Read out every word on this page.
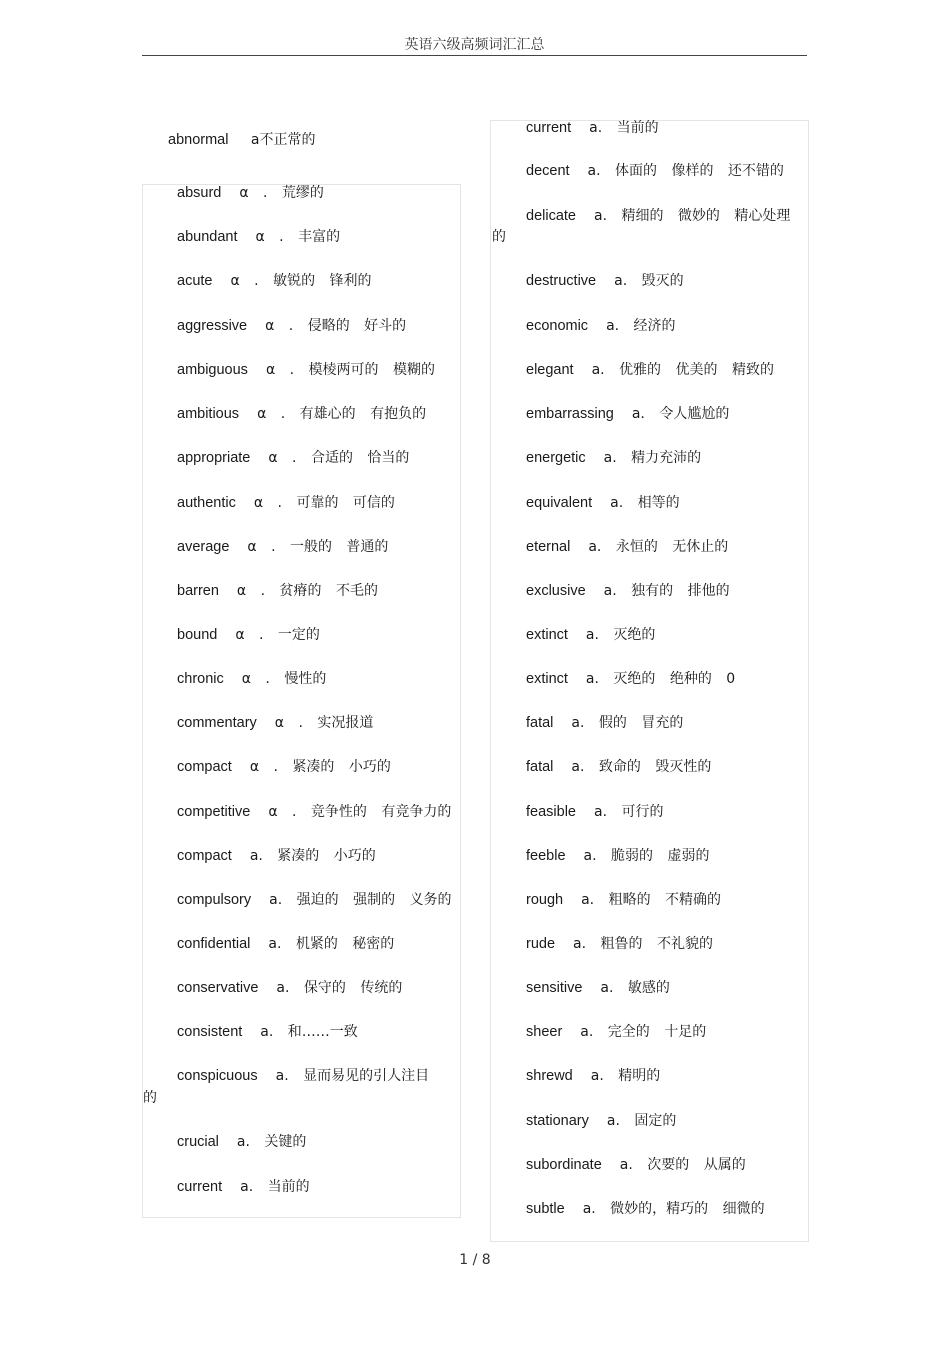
英语六级高频词汇汇总
abnormal a不正常的
absurd α . 荒缪的
abundant α . 丰富的
acute α . 敏锐的 锋利的
aggressive α . 侵略的 好斗的
ambiguous α . 模棱两可的 模糊的
ambitious α . 有雄心的 有抱负的
appropriate α . 合适的 恰当的
authentic α . 可靠的 可信的
average α . 一般的 普通的
barren α . 贫瘠的 不毛的
bound α . 一定的
chronic α . 慢性的
commentary α . 实况报道
compact α . 紧凑的 小巧的
competitive α . 竞争性的 有竞争力的
compact a. 紧凑的 小巧的
compulsory a. 强迫的 强制的 义务的
confidential a. 机紧的 秘密的
conservative a. 保守的 传统的
consistent a. 和……一致
conspicuous a. 显而易见的引人注目
crucial a. 关键的
current a. 当前的
current a. 当前的
decent a. 体面的 像样的 还不错的
delicate a. 精细的 微妙的 精心处理
destructive a. 毁灭的
economic a. 经济的
elegant a. 优雅的 优美的 精致的
embarrassing a. 令人尴尬的
energetic a. 精力充沛的
equivalent a. 相等的
eternal a. 永恒的 无休止的
exclusive a. 独有的 排他的
extinct a. 灭绝的
extinct a. 灭绝的 绝种的 0
fatal a. 假的 冒充的
fatal a. 致命的 毁灭性的
feasible a. 可行的
feeble a. 脆弱的 虚弱的
rough a. 粗略的 不精确的
rude a. 粗鲁的 不礼貌的
sensitive a. 敏感的
sheer a. 完全的 十足的
shrewd a. 精明的
stationary a. 固定的
subordinate a. 次要的 从属的
subtle a. 微妙的，精巧的 细微的
的
的
1 / 8
